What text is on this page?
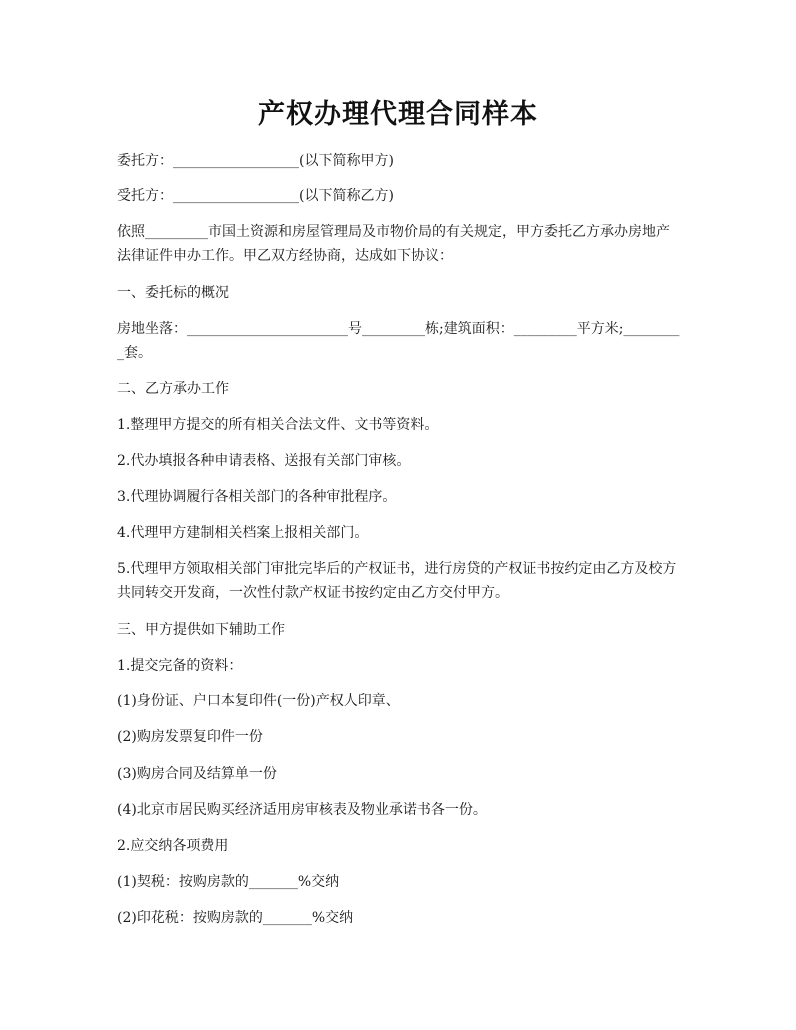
产权办理代理合同样本
委托方：__________________(以下简称甲方)
受托方：__________________(以下简称乙方)
依照_________市国土资源和房屋管理局及市物价局的有关规定，甲方委托乙方承办房地产法律证件申办工作。甲乙双方经协商，达成如下协议：
一、委托标的概况
房地坐落：_______________________号_________栋;建筑面积：_________平方米;_________套。
二、乙方承办工作
1.整理甲方提交的所有相关合法文件、文书等资料。
2.代办填报各种申请表格、送报有关部门审核。
3.代理协调履行各相关部门的各种审批程序。
4.代理甲方建制相关档案上报相关部门。
5.代理甲方领取相关部门审批完毕后的产权证书，进行房贷的产权证书按约定由乙方及校方共同转交开发商，一次性付款产权证书按约定由乙方交付甲方。
三、甲方提供如下辅助工作
1.提交完备的资料：
(1)身份证、户口本复印件(一份)产权人印章、
(2)购房发票复印件一份
(3)购房合同及结算单一份
(4)北京市居民购买经济适用房审核表及物业承诺书各一份。
2.应交纳各项费用
(1)契税：按购房款的_______%交纳
(2)印花税：按购房款的_______%交纳
